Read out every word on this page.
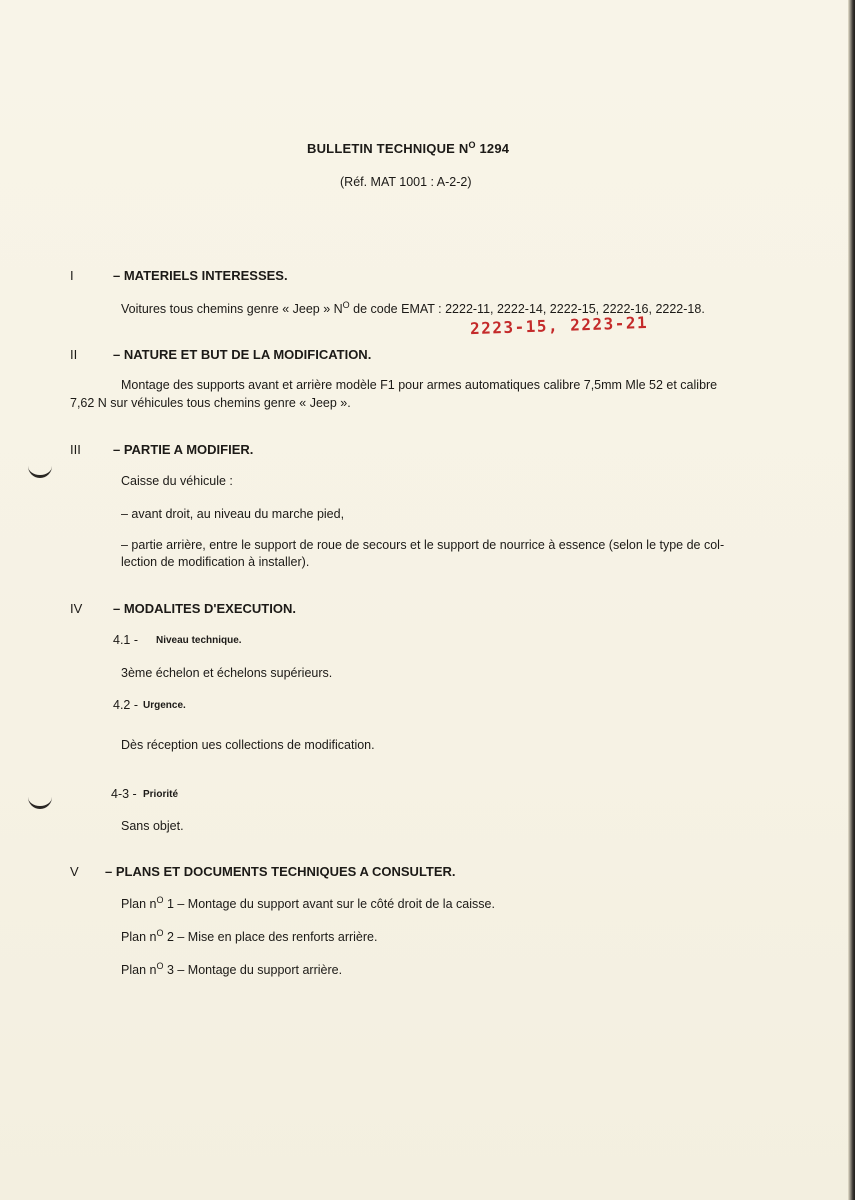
BULLETIN TECHNIQUE $N^O$ 1294
(Réf. MAT 1001 : A-2-2)
I	– MATERIELS INTERESSES.
Voitures tous chemins genre « Jeep » $N^O$ de code EMAT : 2222-11, 2222-14, 2222-15, 2222-16, 2222-18.
2223-15, 2223-21
II	– NATURE ET BUT DE LA MODIFICATION.
Montage des supports avant et arrière modèle F1 pour armes automatiques calibre 7,5mm Mle 52 et calibre
7,62 N sur véhicules tous chemins genre « Jeep ».
III – PARTIE A MODIFIER.
Caisse du véhicule :
– avant droit, au niveau du marche pied,
– partie arrière, entre le support de roue de secours et le support de nourrice à essence (selon le type de col-
lection de modification à installer).
IV – MODALITES D'EXECUTION.
4.1 - Niveau technique.
3ème échelon et échelons supérieurs.
4.2 - Urgence.
Dès réception ues collections de modification.
4-3 - Priorité
Sans objet.
V – PLANS ET DOCUMENTS TECHNIQUES A CONSULTER.
Plan $n^O$ 1 – Montage du support avant sur le côté droit de la caisse.
Plan $n^O$ 2 – Mise en place des renforts arrière.
Plan $n^O$ 3 – Montage du support arrière.
